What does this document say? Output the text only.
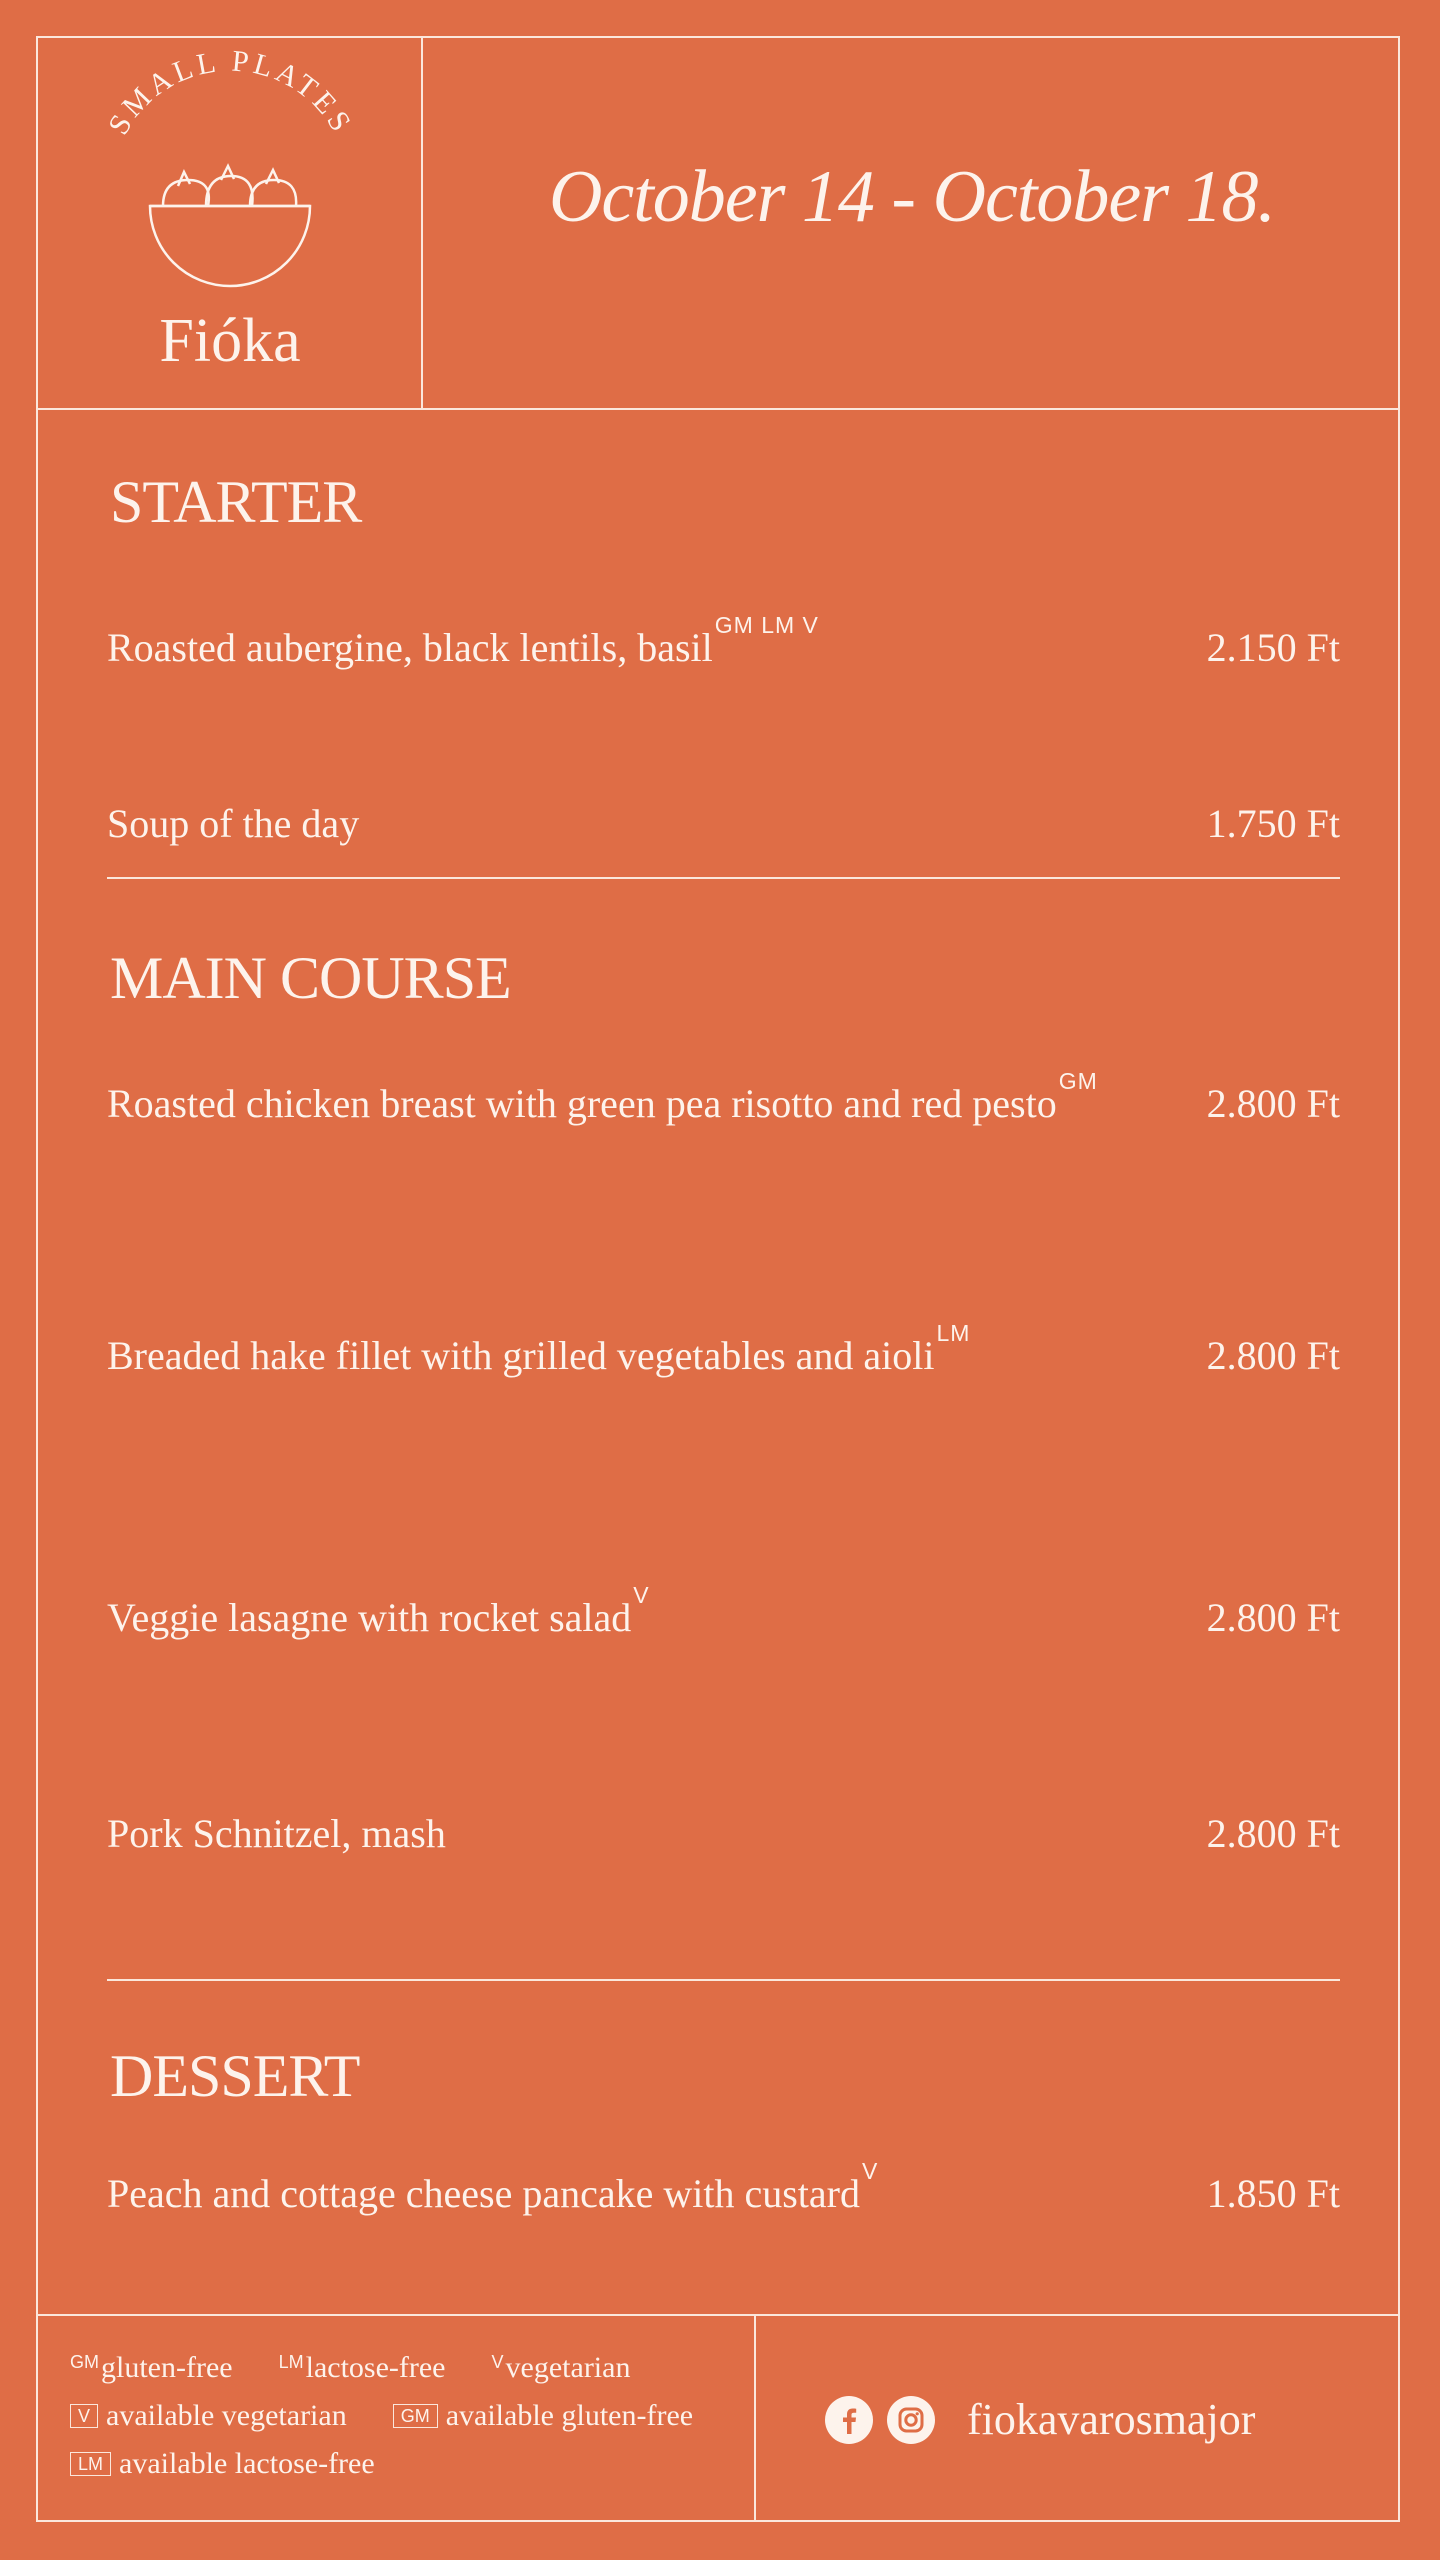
SMALL PLATES
Fióka
October 14 - October 18.
STARTER
Roasted aubergine, black lentils, basil$^{GM LM V}$	2.150 Ft
Soup of the day	1.750 Ft
MAIN COURSE
Roasted chicken breast with green pea risotto and red pesto$^{GM}$	2.800 Ft
Breaded hake fillet with grilled vegetables and aioli$^{LM}$	2.800 Ft
Veggie lasagne with rocket salad$^V$	2.800 Ft
Pork Schnitzel, mash	2.800 Ft
DESSERT
Peach and cottage cheese pancake with custard$^V$	1.850 Ft
$^{GM}$ gluten-free	$^{LM}$ lactose-free	$^V$ vegetarian
V available vegetarian	GM available gluten-free
LM available lactose-free
fiokavarosmajor
